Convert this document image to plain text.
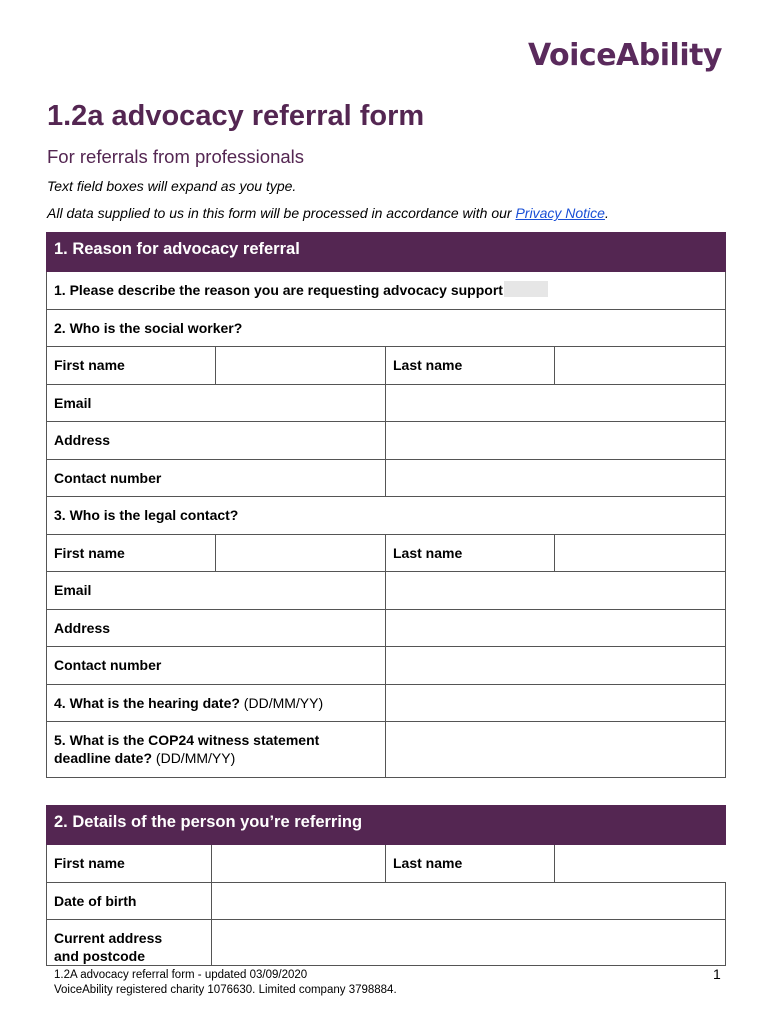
VoiceAbility
1.2a advocacy referral form
For referrals from professionals
Text field boxes will expand as you type.
All data supplied to us in this form will be processed in accordance with our Privacy Notice.
1. Reason for advocacy referral			
1. Please describe the reason you are requesting advocacy support			
2. Who is the social worker?			
First name		Last name	
Email			
Address			
Contact number			
3. Who is the legal contact?			
First name		Last name	
Email			
Address			
Contact number			
4. What is the hearing date? (DD/MM/YY)			
5. What is the COP24 witness statement
deadline date? (DD/MM/YY)			
2. Details of the person you’re referring			
First name		Last name	
Date of birth			
Current address
and postcode			
1.2A advocacy referral form - updated 03/09/2020
VoiceAbility registered charity 1076630. Limited company 3798884.
1
